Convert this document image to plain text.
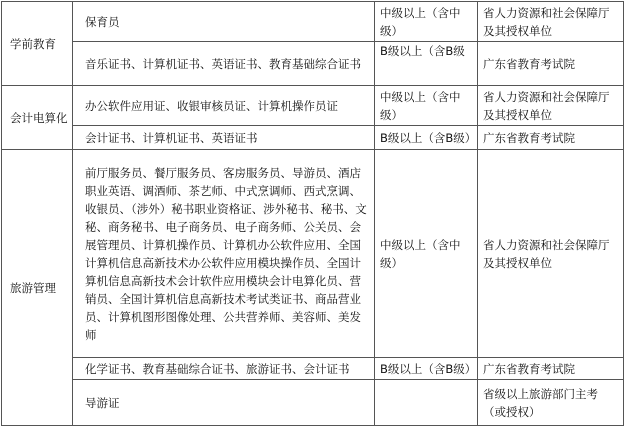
学前教育	保育员	中级以上（含中级）	省人力资源和社会保障厅及其授权单位
	音乐证书、计算机证书、英语证书、教育基础综合证书	B级以上（含B级	广东省教育考试院
会计电算化	办公软件应用证、收银审核员证、计算机操作员证	中级以上（含中级）	省人力资源和社会保障厅及其授权单位
	会计证书、计算机证书、英语证书	B级以上（含B级）	广东省教育考试院
旅游管理	前厅服务员、餐厅服务员、客房服务员、导游员、酒店职业英语、调酒师、茶艺师、中式烹调师、西式烹调、收银员、（涉外）秘书职业资格证、涉外秘书、秘书、文秘、商务秘书、电子商务员、电子商务师、公关员、会展管理员、计算机操作员、计算机办公软件应用、全国计算机信息高新技术办公软件应用模块操作员、全国计算机信息高新技术会计软件应用模块会计电算化员、营销员、全国计算机信息高新技术考试类证书、商品营业员、计算机图形图像处理、公共营养师、美容师、美发师	中级以上（含中级）	省人力资源和社会保障厅及其授权单位
	化学证书、教育基础综合证书、旅游证书、会计证书	B级以上（含B级）	广东省教育考试院
	导游证		省级以上旅游部门主考（或授权）
